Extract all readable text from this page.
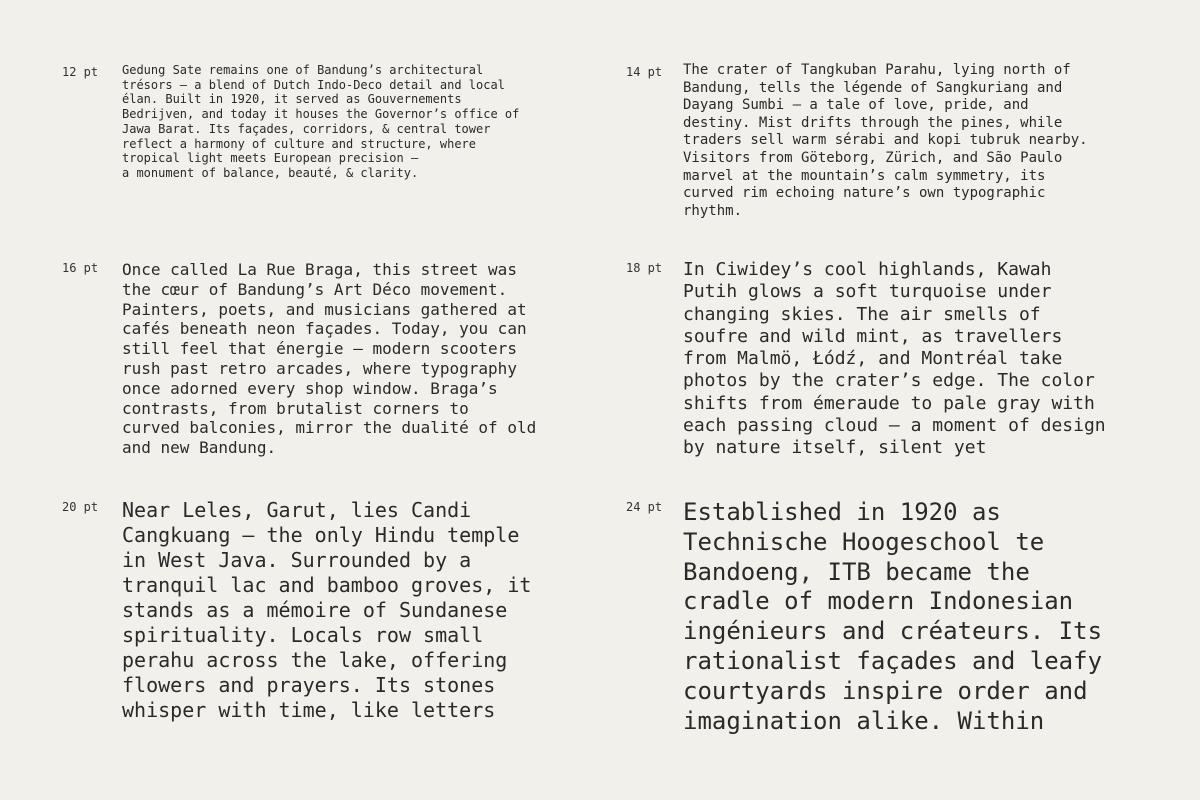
12 pt Gedung Sate remains one of Bandung’s architectural
trésors — a blend of Dutch Indo-Deco detail and local
élan. Built in 1920, it served as Gouvernements
Bedrijven, and today it houses the Governor’s office of
Jawa Barat. Its façades, corridors, & central tower
reflect a harmony of culture and structure, where
tropical light meets European precision —
a monument of balance, beauté, & clarity.
14 pt The crater of Tangkuban Parahu, lying north of
Bandung, tells the légende of Sangkuriang and
Dayang Sumbi — a tale of love, pride, and
destiny. Mist drifts through the pines, while
traders sell warm sérabi and kopi tubruk nearby.
Visitors from Göteborg, Zürich, and São Paulo
marvel at the mountain’s calm symmetry, its
curved rim echoing nature’s own typographic
rhythm.
16 pt Once called La Rue Braga, this street was
the cœur of Bandung’s Art Déco movement.
Painters, poets, and musicians gathered at
cafés beneath neon façades. Today, you can
still feel that énergie — modern scooters
rush past retro arcades, where typography
once adorned every shop window. Braga’s
contrasts, from brutalist corners to
curved balconies, mirror the dualité of old
and new Bandung.
18 pt In Ciwidey’s cool highlands, Kawah
Putih glows a soft turquoise under
changing skies. The air smells of
soufre and wild mint, as travellers
from Malmö, Łódź, and Montréal take
photos by the crater’s edge. The color
shifts from émeraude to pale gray with
each passing cloud — a moment of design
by nature itself, silent yet
20 pt Near Leles, Garut, lies Candi
Cangkuang — the only Hindu temple
in West Java. Surrounded by a
tranquil lac and bamboo groves, it
stands as a mémoire of Sundanese
spirituality. Locals row small
perahu across the lake, offering
flowers and prayers. Its stones
whisper with time, like letters
24 pt Established in 1920 as
Technische Hoogeschool te
Bandoeng, ITB became the
cradle of modern Indonesian
ingénieurs and créateurs. Its
rationalist façades and leafy
courtyards inspire order and
imagination alike. Within
